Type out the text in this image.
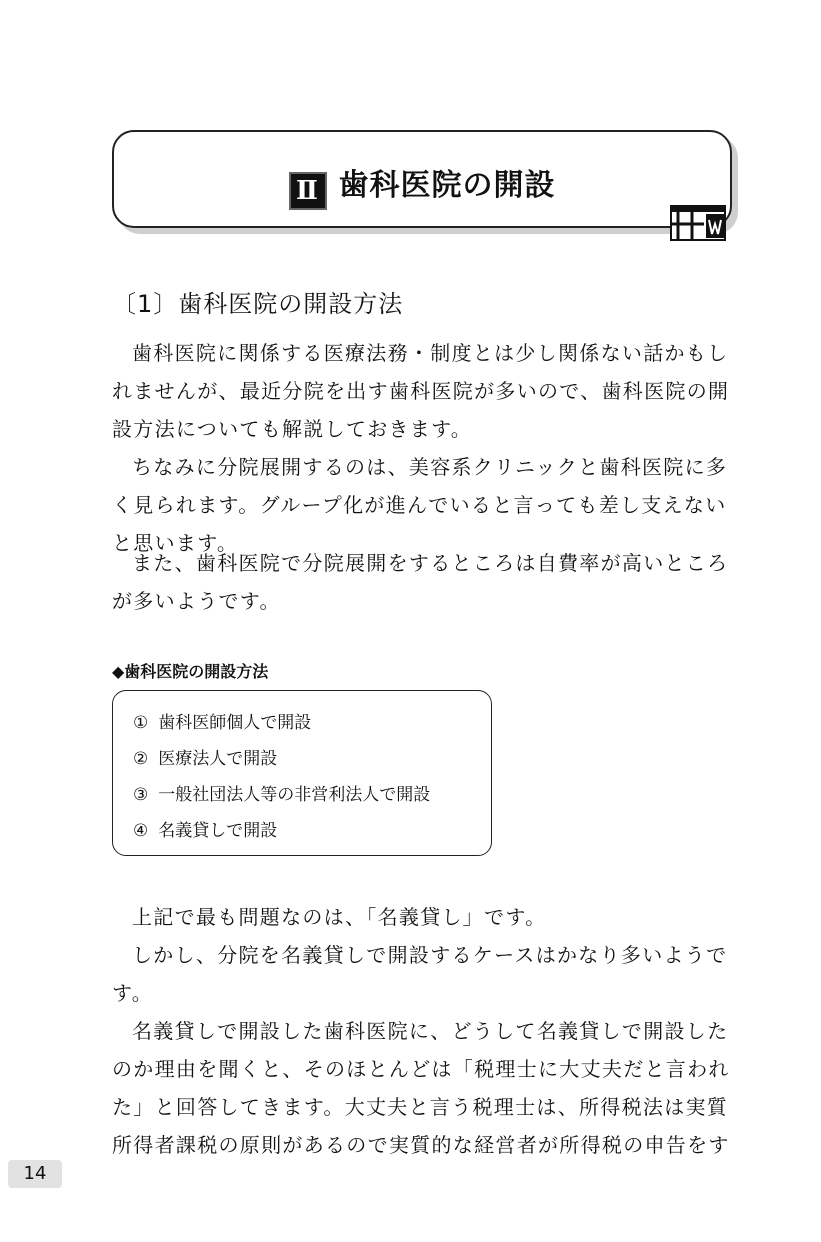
Ⅱ 歯科医院の開設
〔1〕歯科医院の開設方法

歯科医院に関係する医療法務・制度とは少し関係ない話かもしれませんが、最近分院を出す歯科医院が多いので、歯科医院の開設方法についても解説しておきます。

ちなみに分院展開するのは、美容系クリニックと歯科医院に多く見られます。グループ化が進んでいると言っても差し支えないと思います。

また、歯科医院で分院展開をするところは自費率が高いところが多いようです。

◆歯科医院の開設方法
① 歯科医師個人で開設
② 医療法人で開設
③ 一般社団法人等の非営利法人で開設
④ 名義貸しで開設

上記で最も問題なのは、「名義貸し」です。

しかし、分院を名義貸しで開設するケースはかなり多いようです。

名義貸しで開設した歯科医院に、どうして名義貸しで開設したのか理由を聞くと、そのほとんどは「税理士に大丈夫だと言われた」と回答してきます。大丈夫と言う税理士は、所得税法は実質所得者課税の原則があるので実質的な経営者が所得税の申告をす

14
